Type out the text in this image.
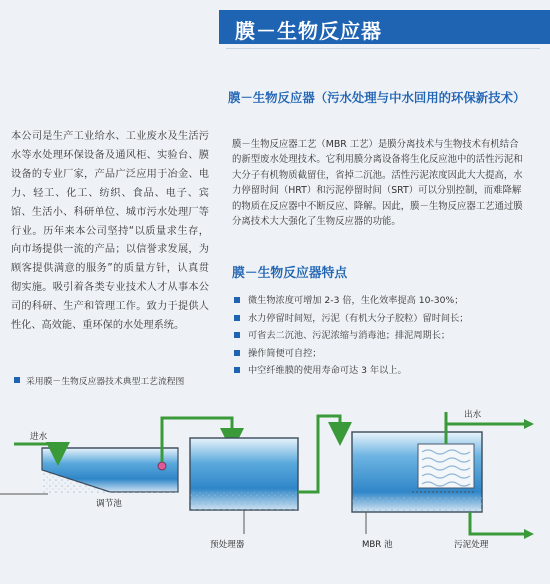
膜－生物反应器
膜－生物反应器（污水处理与中水回用的环保新技术）
膜－生物反应器工艺（MBR 工艺）是膜分离技术与生物技术有机结合的新型废水处理技术。它利用膜分离设备将生化反应池中的活性污泥和大分子有机物质截留住，省掉二沉池。活性污泥浓度因此大大提高，水力停留时间（HRT）和污泥停留时间（SRT）可以分别控制，而难降解的物质在反应器中不断反应、降解。因此，膜－生物反应器工艺通过膜分离技术大大强化了生物反应器的功能。
膜－生物反应器特点
微生物浓度可增加 2-3 倍，生化效率提高 10-30%；
水力停留时间短，污泥（有机大分子胶粒）留时间长；
可省去二沉池、污泥浓缩与消毒池；排泥周期长；
操作简便可自控；
中空纤维膜的使用寿命可达 3 年以上。
本公司是生产工业给水、工业废水及生活污水等水处理环保设备及通风柜、实验台、膜设备的专业厂家，产品广泛应用于冶金、电力、轻工、化工、纺织、食品、电子、宾馆、生活小、科研单位、城市污水处理厂等行业。历年来本公司坚持“以质量求生存，向市场提供一流的产品；以信誉求发展，为顾客提供满意的服务”的质量方针，认真贯彻实施。吸引着各类专业技术人才从事本公司的科研、生产和管理工作。致力于提供人性化、高效能、重环保的水处理系统。
采用膜－生物反应器技术典型工艺流程图
进水
调节池
预处理器	MBR 池	污泥处理
出水
